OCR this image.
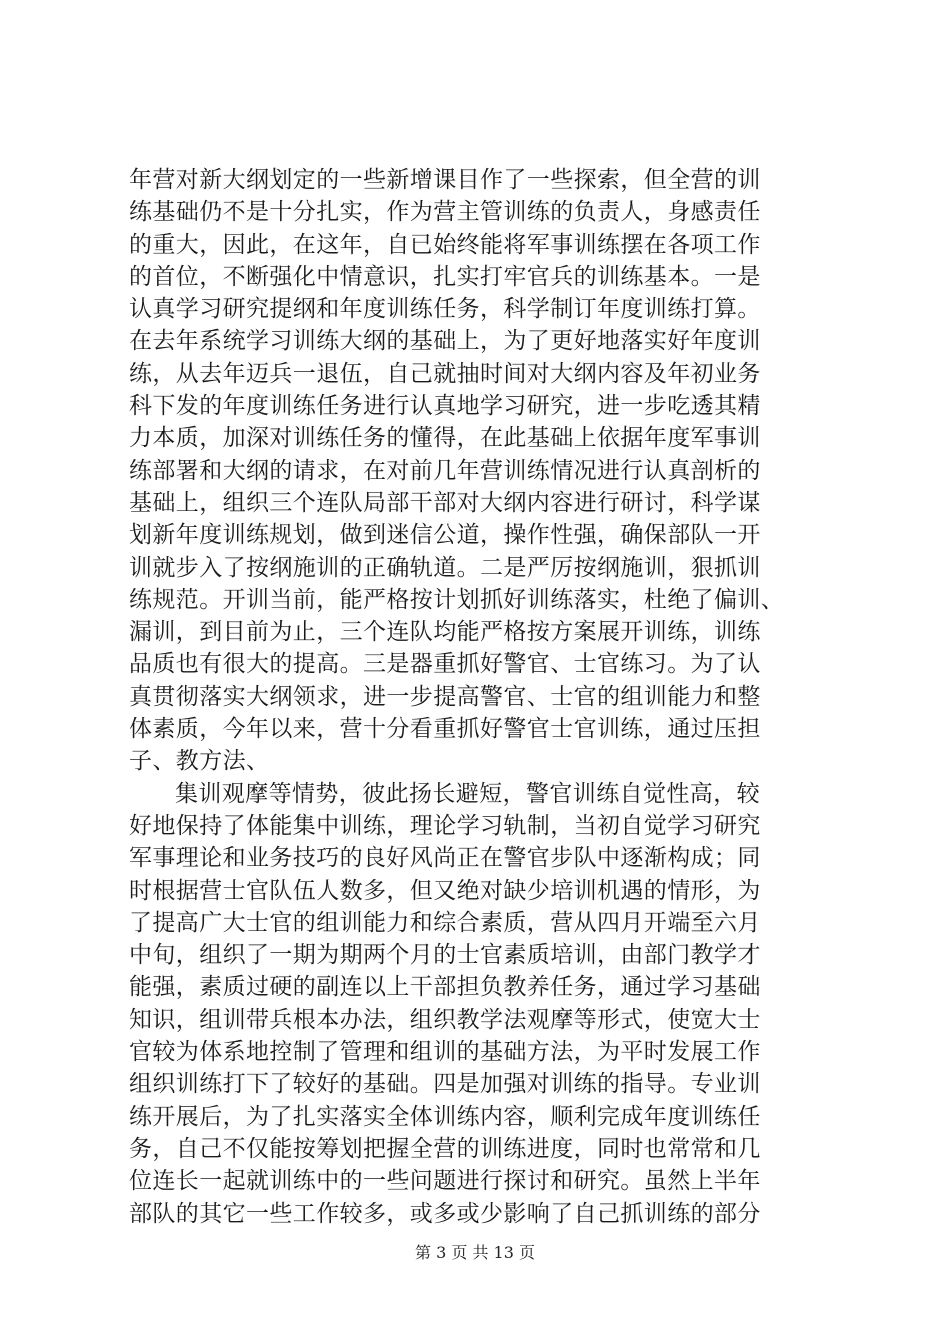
年营对新大纲划定的一些新增课目作了一些探索，但全营的训
练基础仍不是十分扎实，作为营主管训练的负责人，身感责任
的重大，因此，在这年，自已始终能将军事训练摆在各项工作
的首位，不断强化中情意识，扎实打牢官兵的训练基本。一是
认真学习研究提纲和年度训练任务，科学制订年度训练打算。
在去年系统学习训练大纲的基础上，为了更好地落实好年度训
练，从去年迈兵一退伍，自己就抽时间对大纲内容及年初业务
科下发的年度训练任务进行认真地学习研究，进一步吃透其精
力本质，加深对训练任务的懂得，在此基础上依据年度军事训
练部署和大纲的请求，在对前几年营训练情况进行认真剖析的
基础上，组织三个连队局部干部对大纲内容进行研讨，科学谋
划新年度训练规划，做到迷信公道，操作性强，确保部队一开
训就步入了按纲施训的正确轨道。二是严厉按纲施训，狠抓训
练规范。开训当前，能严格按计划抓好训练落实，杜绝了偏训、
漏训，到目前为止，三个连队均能严格按方案展开训练，训练
品质也有很大的提高。三是器重抓好警官、士官练习。为了认
真贯彻落实大纲领求，进一步提高警官、士官的组训能力和整
体素质，今年以来，营十分看重抓好警官士官训练，通过压担
子、教方法、
集训观摩等情势，彼此扬长避短，警官训练自觉性高，较
好地保持了体能集中训练，理论学习轨制，当初自觉学习研究
军事理论和业务技巧的良好风尚正在警官步队中逐渐构成；同
时根据营士官队伍人数多，但又绝对缺少培训机遇的情形，为
了提高广大士官的组训能力和综合素质，营从四月开端至六月
中旬，组织了一期为期两个月的士官素质培训，由部门教学才
能强，素质过硬的副连以上干部担负教养任务，通过学习基础
知识，组训带兵根本办法，组织教学法观摩等形式，使宽大士
官较为体系地控制了管理和组训的基础方法，为平时发展工作
组织训练打下了较好的基础。四是加强对训练的指导。专业训
练开展后，为了扎实落实全体训练内容，顺利完成年度训练任
务，自己不仅能按筹划把握全营的训练进度，同时也常常和几
位连长一起就训练中的一些问题进行探讨和研究。虽然上半年
部队的其它一些工作较多，或多或少影响了自己抓训练的部分
第 3 页 共 13 页
